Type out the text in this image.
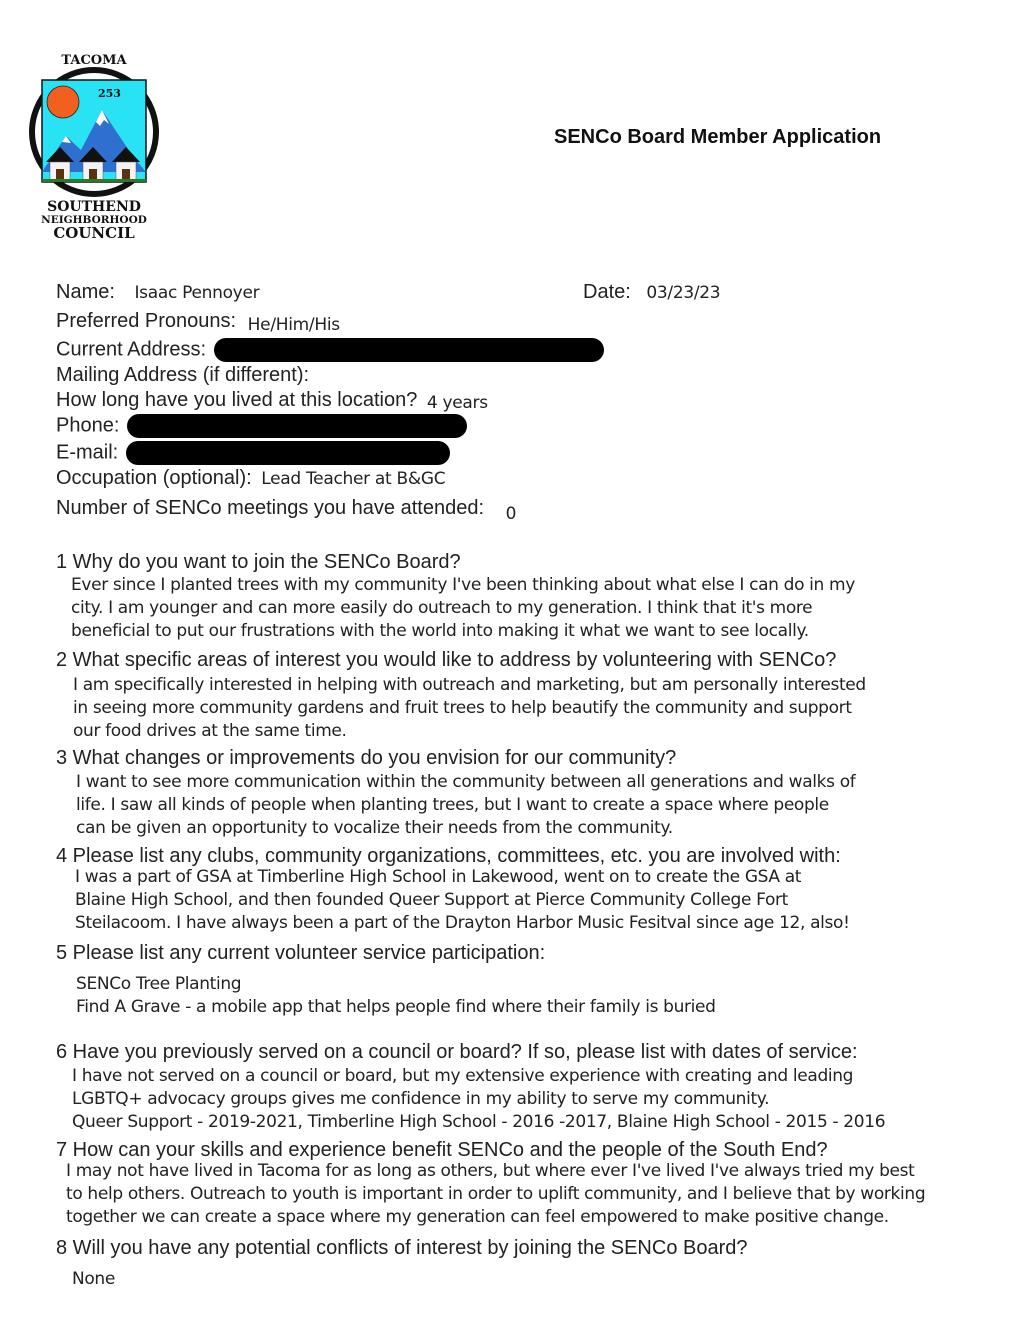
TACOMA
253
SOUTHEND
NEIGHBORHOOD
COUNCIL
SENCo Board Member Application
Name: Isaac Pennoyer	Date: 03/23/23
Preferred Pronouns: He/Him/His
Current Address:
Mailing Address (if different):
How long have you lived at this location? 4 years
Phone:
E-mail:
Occupation (optional): Lead Teacher at B&GC
Number of SENCo meetings you have attended: $_0$
1 Why do you want to join the SENCo Board?
Ever since I planted trees with my community I've been thinking about what else I can do in my
city. I am younger and can more easily do outreach to my generation. I think that it's more
beneficial to put our frustrations with the world into making it what we want to see locally.
2 What specific areas of interest you would like to address by volunteering with SENCo?
I am specifically interested in helping with outreach and marketing, but am personally interested
in seeing more community gardens and fruit trees to help beautify the community and support
our food drives at the same time.
3 What changes or improvements do you envision for our community?
I want to see more communication within the community between all generations and walks of
life. I saw all kinds of people when planting trees, but I want to create a space where people
can be given an opportunity to vocalize their needs from the community.
4 Please list any clubs, community organizations, committees, etc. you are involved with:
I was a part of GSA at Timberline High School in Lakewood, went on to create the GSA at
Blaine High School, and then founded Queer Support at Pierce Community College Fort
Steilacoom. I have always been a part of the Drayton Harbor Music Fesitval since age 12, also!
5 Please list any current volunteer service participation:
SENCo Tree Planting
Find A Grave - a mobile app that helps people find where their family is buried
6 Have you previously served on a council or board? If so, please list with dates of service:
I have not served on a council or board, but my extensive experience with creating and leading
LGBTQ+ advocacy groups gives me confidence in my ability to serve my community.
Queer Support - 2019-2021, Timberline High School - 2016 -2017, Blaine High School - 2015 - 2016
7 How can your skills and experience benefit SENCo and the people of the South End?
I may not have lived in Tacoma for as long as others, but where ever I've lived I've always tried my best
to help others. Outreach to youth is important in order to uplift community, and I believe that by working
together we can create a space where my generation can feel empowered to make positive change.
8 Will you have any potential conflicts of interest by joining the SENCo Board?
None
